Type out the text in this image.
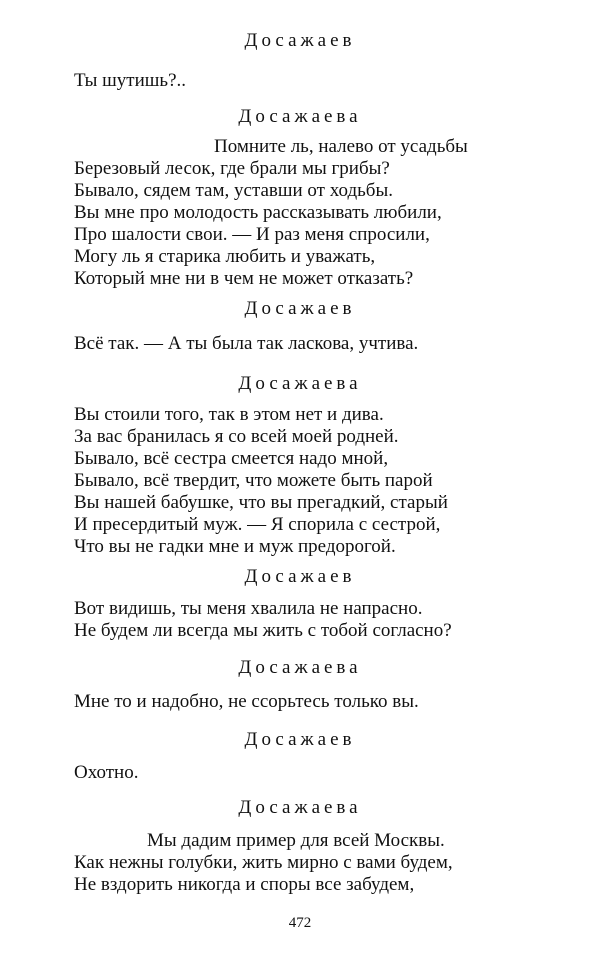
Досажаев
Ты шутишь?..
Досажаева
Помните ль, налево от усадьбы
Березовый лесок, где брали мы грибы?
Бывало, сядем там, уставши от ходьбы.
Вы мне про молодость рассказывать любили,
Про шалости свои. — И раз меня спросили,
Могу ль я старика любить и уважать,
Который мне ни в чем не может отказать?
Досажаев
Всё так. — А ты была так ласкова, учтива.
Досажаева
Вы стоили того, так в этом нет и дива.
За вас бранилась я со всей моей родней.
Бывало, всё сестра смеется надо мной,
Бывало, всё твердит, что можете быть парой
Вы нашей бабушке, что вы прегадкий, старый
И пресердитый муж. — Я спорила с сестрой,
Что вы не гадки мне и муж предорогой.
Досажаев
Вот видишь, ты меня хвалила не напрасно.
Не будем ли всегда мы жить с тобой согласно?
Досажаева
Мне то и надобно, не ссорьтесь только вы.
Досажаев
Охотно.
Досажаева
Мы дадим пример для всей Москвы.
Как нежны голубки, жить мирно с вами будем,
Не вздорить никогда и споры все забудем,
472
